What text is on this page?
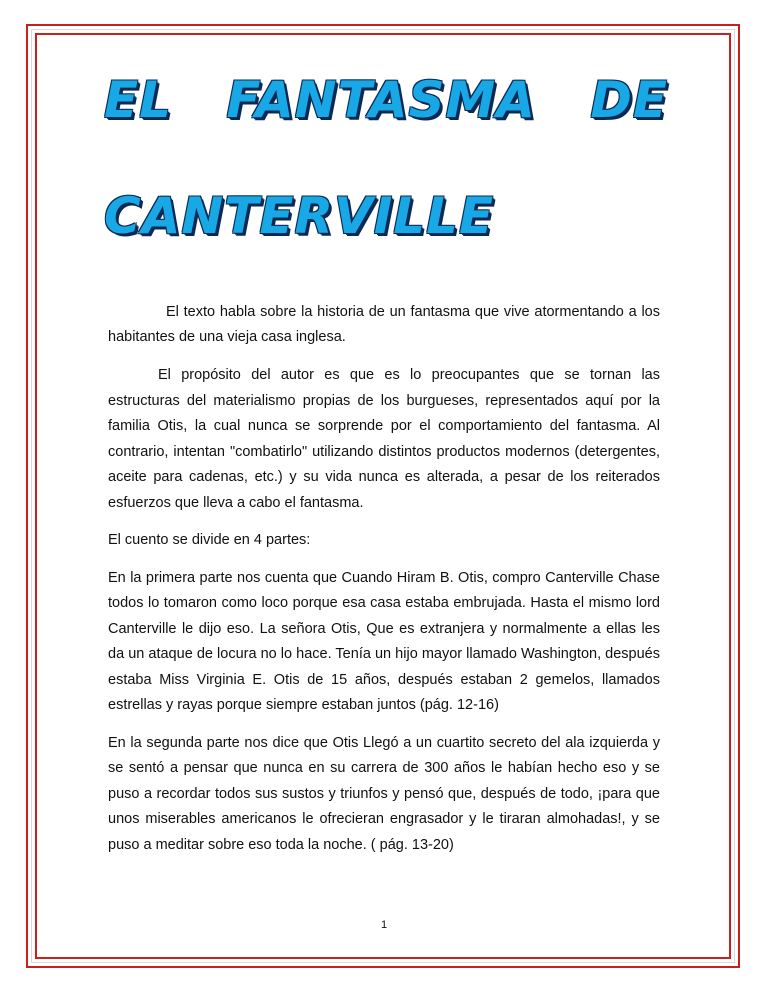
EL FANTASMA DE
CANTERVILLE

El texto habla sobre la historia de un fantasma que vive atormentando a los habitantes de una vieja casa inglesa.

El propósito del autor es que es lo preocupantes que se tornan las estructuras del materialismo propias de los burgueses, representados aquí por la familia Otis, la cual nunca se sorprende por el comportamiento del fantasma. Al contrario, intentan "combatirlo" utilizando distintos productos modernos (detergentes, aceite para cadenas, etc.) y su vida nunca es alterada, a pesar de los reiterados esfuerzos que lleva a cabo el fantasma.

El cuento se divide en 4 partes:

En la primera parte nos cuenta que Cuando Hiram B. Otis, compro Canterville Chase todos lo tomaron como loco porque esa casa estaba embrujada. Hasta el mismo lord Canterville le dijo eso. La señora Otis, Que es extranjera y normalmente a ellas les da un ataque de locura no lo hace. Tenía un hijo mayor llamado Washington, después estaba Miss Virginia E. Otis de 15 años, después estaban 2 gemelos, llamados estrellas y rayas porque siempre estaban juntos (pág. 12-16)

En la segunda parte nos dice que Otis Llegó a un cuartito secreto del ala izquierda y se sentó a pensar que nunca en su carrera de 300 años le habían hecho eso y se puso a recordar todos sus sustos y triunfos y pensó que, después de todo, ¡para que unos miserables americanos le ofrecieran engrasador y le tiraran almohadas!, y se puso a meditar sobre eso toda la noche. ( pág. 13-20)

1
